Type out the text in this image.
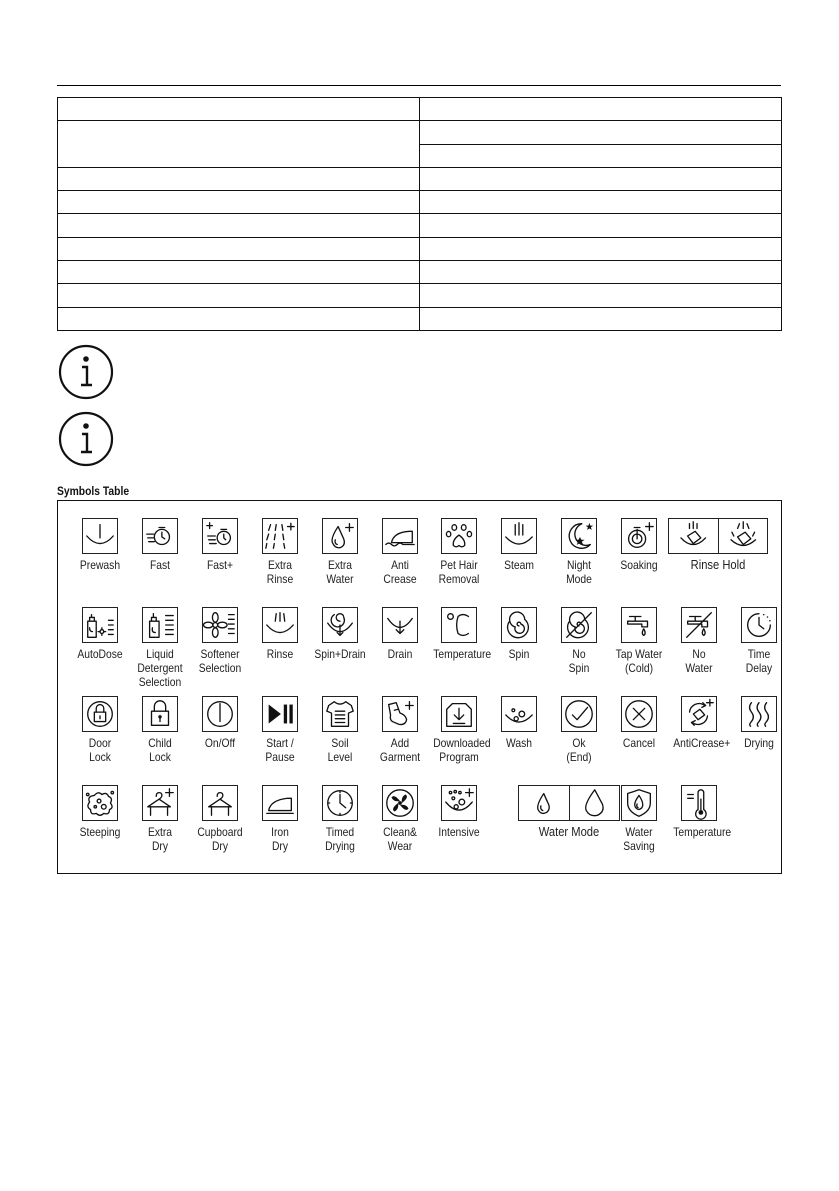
Symbols Table
Prewash	Fast	Fast+	Extra
Rinse
Extra
Water
Anti
Crease
Pet Hair
Removal
Steam	Night
Mode
Soaking
AutoDose	Liquid
Detergent
Selection
Softener
Selection
Rinse	Spin+Drain	Drain	Temperature	Spin	No
Spin
Tap Water
(Cold)
No
Water
Time
Delay
Door
Lock
Child
Lock
On/Off	Start /
Pause
Soil
Level
Add
Garment
Downloaded
Program
Wash	Ok
(End)
Cancel	AntiCrease+	Drying
Steeping	Extra
Dry
Cupboard
Dry
Iron
Dry
Timed
Drying
Clean&
Wear
Intensive
Rinse Hold
Water Mode	Water
Saving
Temperature
